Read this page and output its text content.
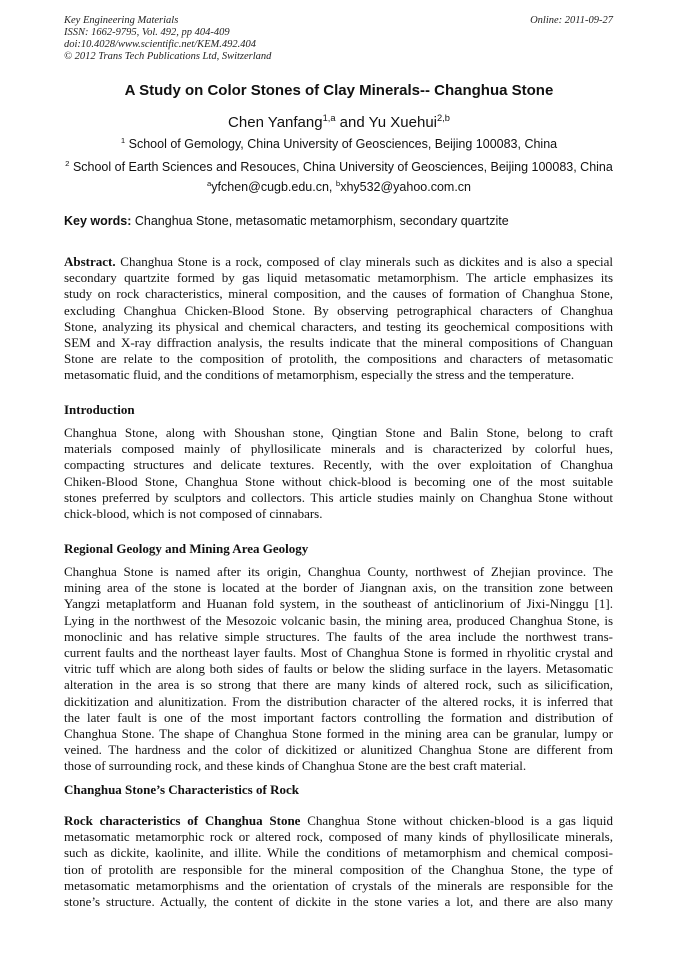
Key Engineering Materials
ISSN: 1662-9795, Vol. 492, pp 404-409
doi:10.4028/www.scientific.net/KEM.492.404
© 2012 Trans Tech Publications Ltd, Switzerland
Online: 2011-09-27
A Study on Color Stones of Clay Minerals-- Changhua Stone
Chen Yanfang$^{1,a}$ and Yu Xuehui$^{2,b}$
$^1$ School of Gemology, China University of Geosciences, Beijing 100083, China
$^2$ School of Earth Sciences and Resouces, China University of Geosciences, Beijing 100083, China
$^a$yfchen@cugb.edu.cn, $^b$xhy532@yahoo.com.cn
Key words: Changhua Stone, metasomatic metamorphism, secondary quartzite
Abstract. Changhua Stone is a rock, composed of clay minerals such as dickites and is also a special
secondary quartzite formed by gas liquid metasomatic metamorphism. The article emphasizes its
study on rock characteristics, mineral composition, and the causes of formation of Changhua Stone,
excluding Changhua Chicken-Blood Stone. By observing petrographical characters of Changhua
Stone, analyzing its physical and chemical characters, and testing its geochemical compositions with
SEM and X-ray diffraction analysis, the results indicate that the mineral compositions of Changuan
Stone are relate to the composition of protolith, the compositions and characters of metasomatic
metasomatic fluid, and the conditions of metamorphism, especially the stress and the temperature.
Introduction
Changhua Stone, along with Shoushan stone, Qingtian Stone and Balin Stone, belong to craft
materials composed mainly of phyllosilicate minerals and is characterized by colorful hues,
compacting structures and delicate textures. Recently, with the over exploitation of Changhua
Chiken-Blood Stone, Changhua Stone without chick-blood is becoming one of the most suitable
stones preferred by sculptors and collectors. This article studies mainly on Changhua Stone without
chick-blood, which is not composed of cinnabars.
Regional Geology and Mining Area Geology
Changhua Stone is named after its origin, Changhua County, northwest of Zhejian province. The
mining area of the stone is located at the border of Jiangnan axis, on the transition zone between
Yangzi metaplatform and Huanan fold system, in the southeast of anticlinorium of Jixi-Ninggu [1].
Lying in the northwest of the Mesozoic volcanic basin, the mining area, produced Changhua Stone, is
monoclinic and has relative simple structures. The faults of the area include the northwest trans-
current faults and the northeast layer faults. Most of Changhua Stone is formed in rhyolitic crystal and
vitric tuff which are along both sides of faults or below the sliding surface in the layers. Metasomatic
alteration in the area is so strong that there are many kinds of altered rock, such as silicification,
dickitization and alunitization. From the distribution character of the altered rocks, it is inferred that
the later fault is one of the most important factors controlling the formation and distribution of
Changhua Stone. The shape of Changhua Stone formed in the mining area can be granular, lumpy or
veined. The hardness and the color of dickitized or alunitized Changhua Stone are different from
those of surrounding rock, and these kinds of Changhua Stone are the best craft material.
Changhua Stone’s Characteristics of Rock
Rock characteristics of Changhua Stone Changhua Stone without chicken-blood is a gas liquid
metasomatic metamorphic rock or altered rock, composed of many kinds of phyllosilicate minerals,
such as dickite, kaolinite, and illite. While the conditions of metamorphism and chemical composi-
tion of protolith are responsible for the mineral composition of the Changhua Stone, the type of
metasomatic metamorphisms and the orientation of crystals of the minerals are responsible for the
stone’s structure. Actually, the content of dickite in the stone varies a lot, and there are also many
